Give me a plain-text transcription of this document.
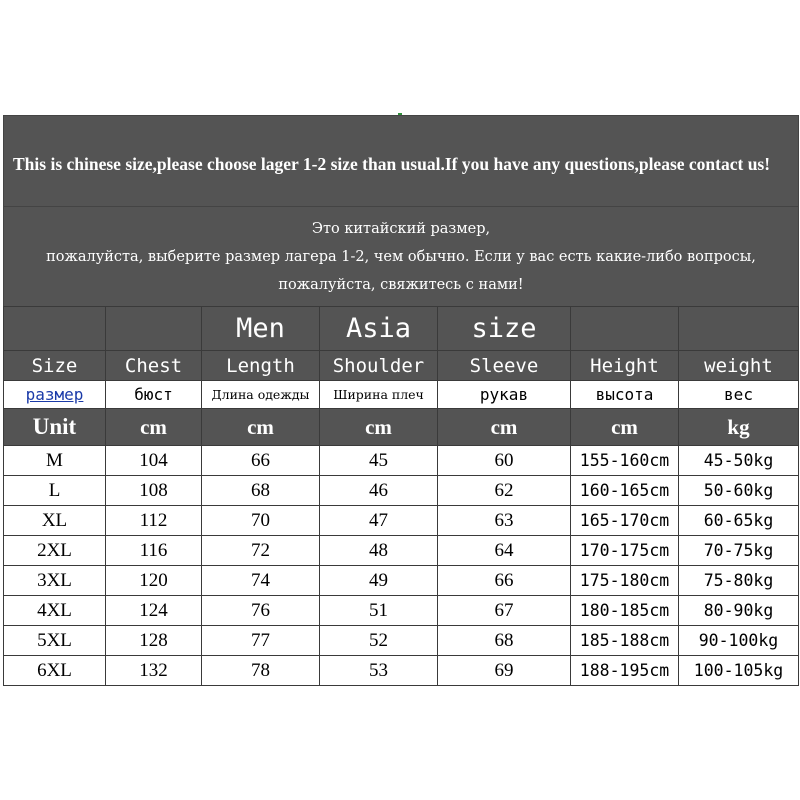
This is chinese size,please choose lager 1-2 size than usual.If you have any questions,please contact us!
Это китайский размер,
пожалуйста, выберите размер лагера 1-2, чем обычно. Если у вас есть какие-либо вопросы,
пожалуйста, свяжитесь с нами!
		Men	Asia	size		
Size	Chest	Length	Shoulder	Sleeve	Height	weight
размер	бюст	Длина одежды	Ширина плеч	рукав	высота	вес
Unit	cm	cm	cm	cm	cm	kg
M	104	66	45	60	155-160cm	45-50kg
L	108	68	46	62	160-165cm	50-60kg
XL	112	70	47	63	165-170cm	60-65kg
2XL	116	72	48	64	170-175cm	70-75kg
3XL	120	74	49	66	175-180cm	75-80kg
4XL	124	76	51	67	180-185cm	80-90kg
5XL	128	77	52	68	185-188cm	90-100kg
6XL	132	78	53	69	188-195cm	100-105kg
